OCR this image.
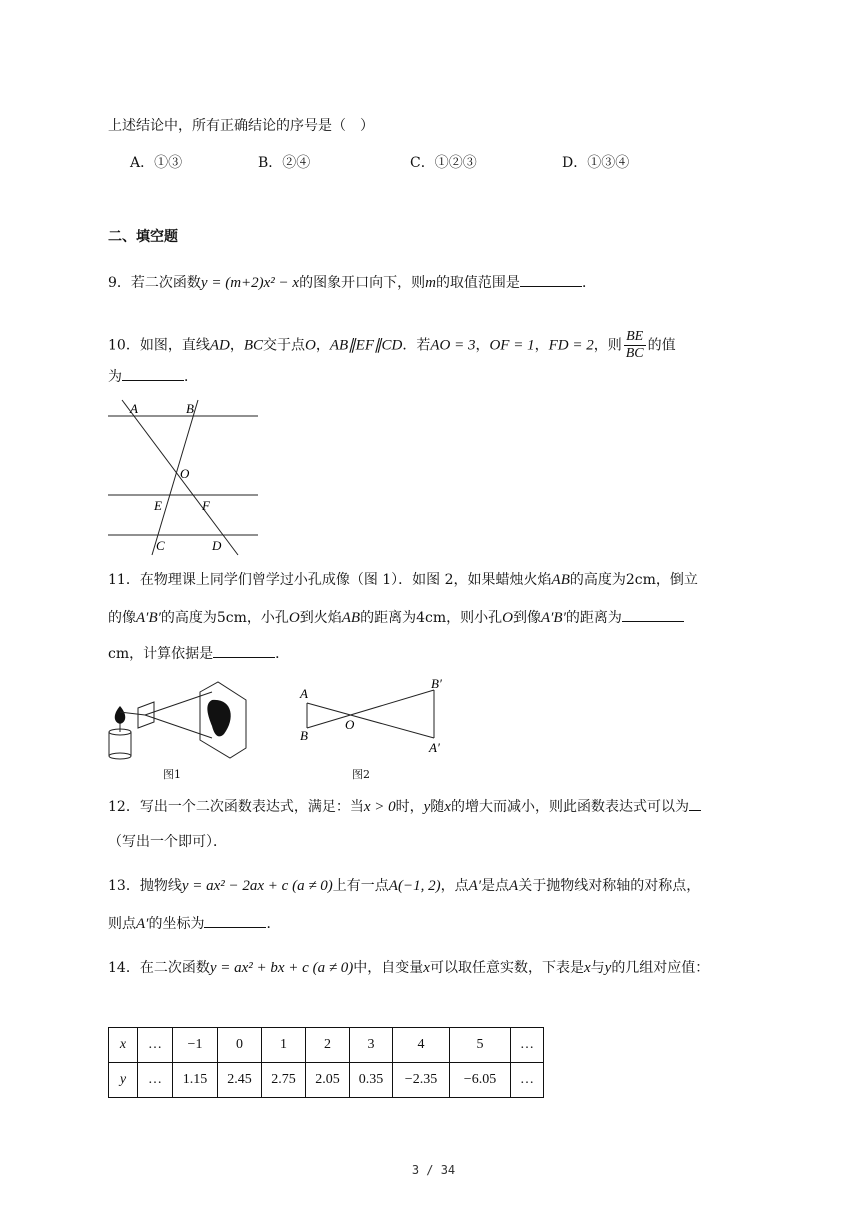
上述结论中，所有正确结论的序号是（　）
A．①③	B．②④	C．①②③	D．①③④
二、填空题
9．若二次函数y = (m+2)x² − x的图象开口向下，则m的取值范围是	．
10．如图，直线AD，BC交于点O，AB∥EF∥CD．若AO = 3，OF = 1，FD = 2，则 $\frac{BE}{BC}$ 的值
为	．
A	B
O
E	F
C	D
11．在物理课上同学们曾学过小孔成像（图 1）．如图 2，如果蜡烛火焰AB的高度为2cm，倒立
的像A′B′的高度为5cm，小孔O到火焰AB的距离为4cm，则小孔O到像A′B′的距离为
cm，计算依据是	．
图1
A
B
O
B′
A′
图2
12．写出一个二次函数表达式，满足：当x > 0时，y随x的增大而减小，则此函数表达式可以为
（写出一个即可）．
13．抛物线y = ax² − 2ax + c (a ≠ 0)上有一点A(−1, 2)，点A′是点A关于抛物线对称轴的对称点，
则点A′的坐标为	．
14．在二次函数y = ax² + bx + c (a ≠ 0)中，自变量x可以取任意实数，下表是x与y的几组对应值：
x	…	−1	0	1	2	3	4	5	…
y	…	1.15	2.45	2.75	2.05	0.35	−2.35	−6.05	…
3 / 34
